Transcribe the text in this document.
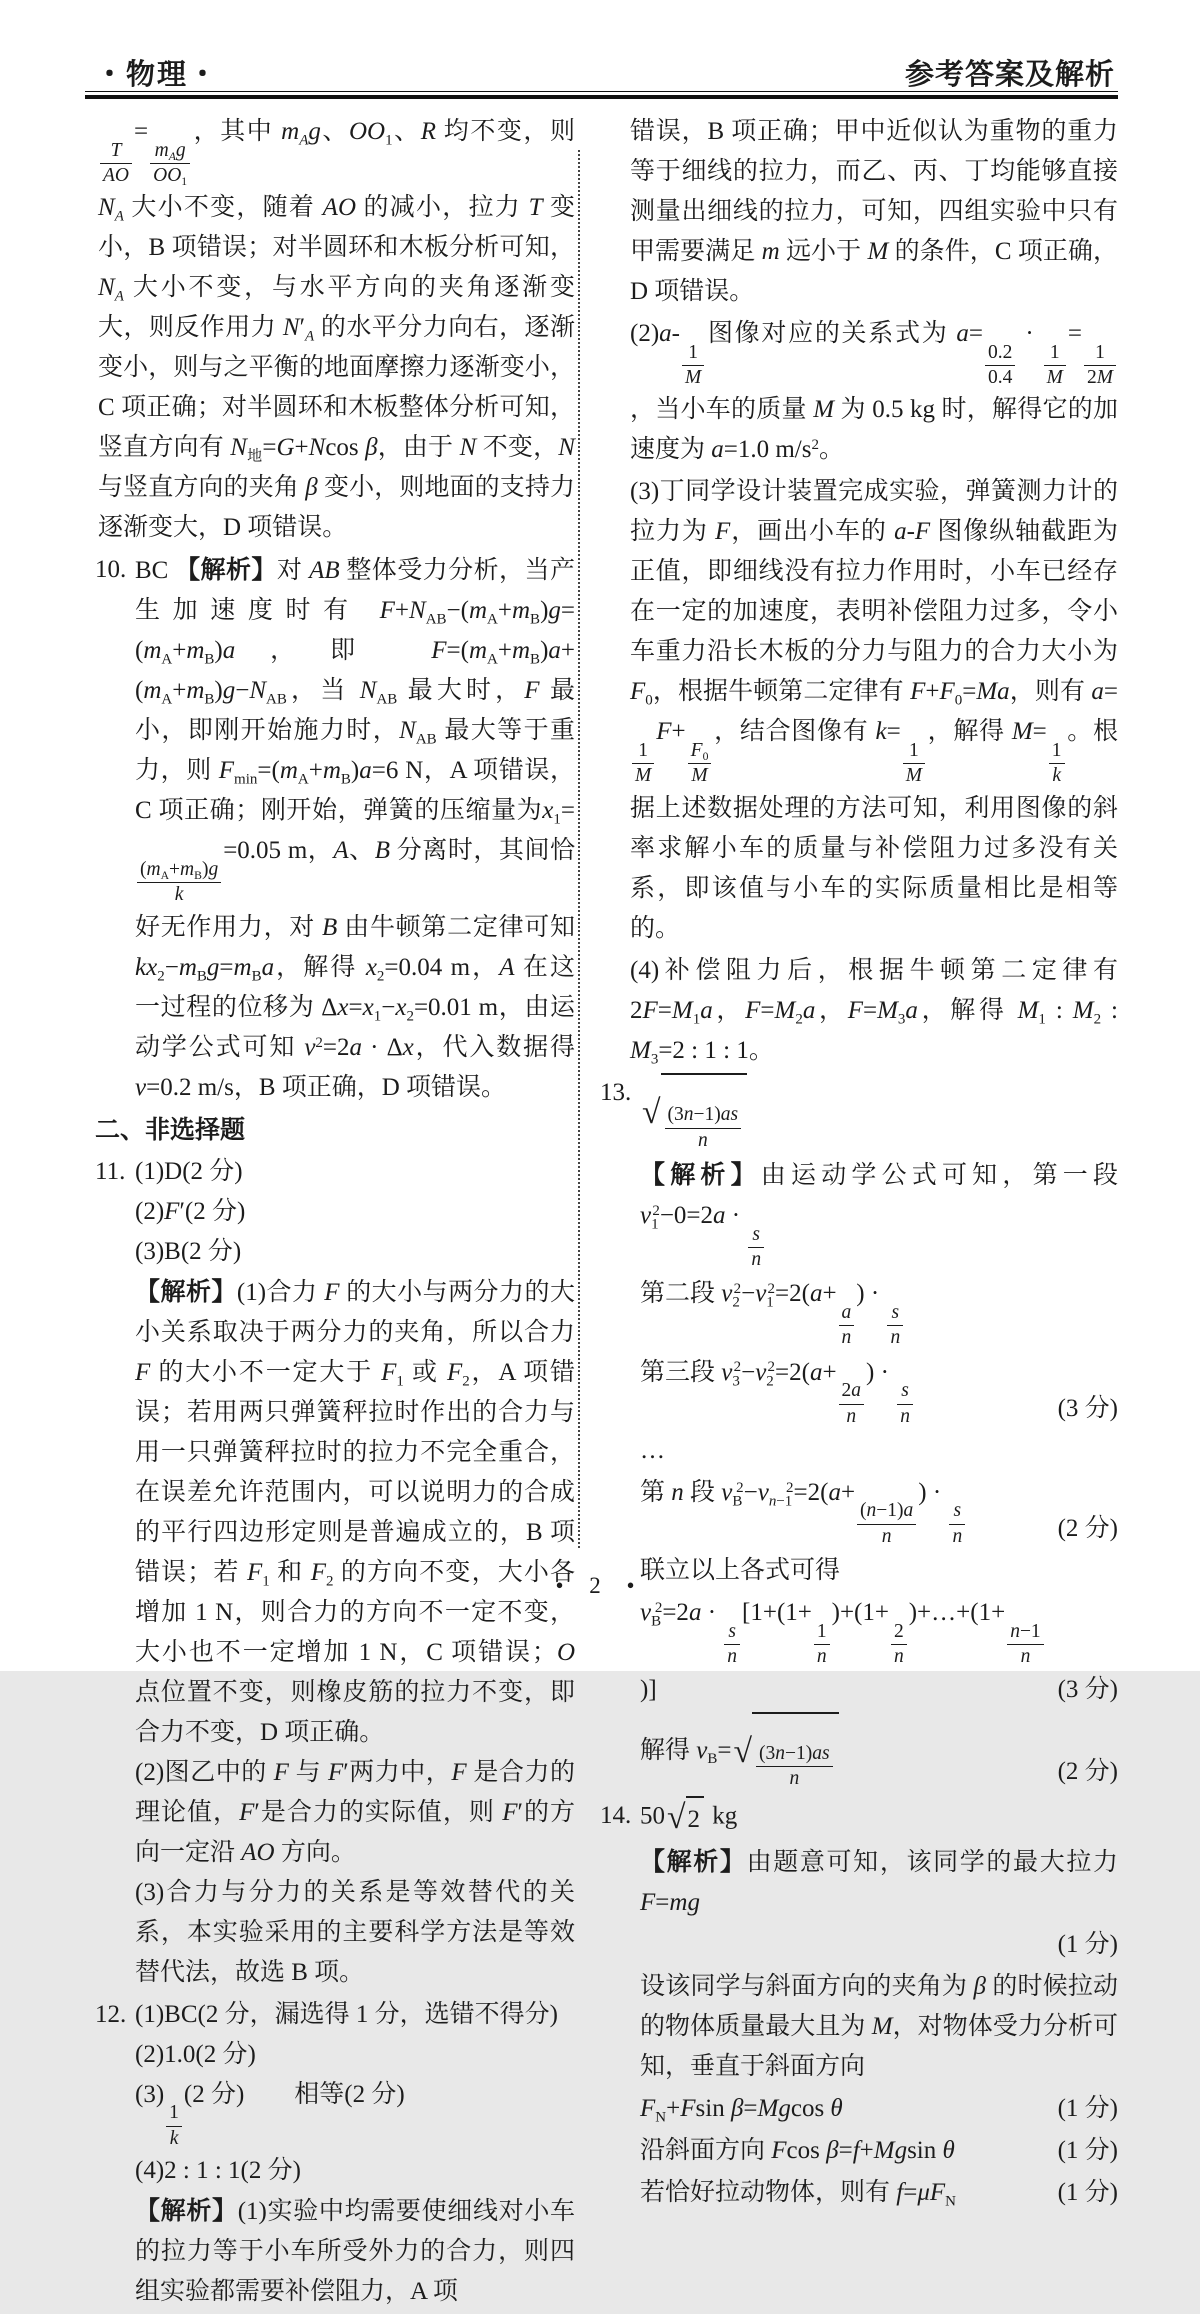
・物理・	参考答案及解析
$\frac{T}{AO}$
=
$\frac{m_Ag}{OO_1}$
，其中 $m_Ag$、$OO_1$、R 均不变，则 $N_A$ 大小不变，随着 AO 的减小，拉力 T 变小，B 项错误；对半圆环和木板分析可知，$N_A$ 大小不变，与水平方向的夹角逐渐变大，则反作用力 $N'_A$ 的水平分力向右，逐渐变小，则与之平衡的地面摩擦力逐渐变小，C 项正确；对半圆环和木板整体分析可知，竖直方向有 $N_地=G+Ncos$ β，由于 N 不变，N 与竖直方向的夹角 β 变小，则地面的支持力逐渐变大，D 项错误。
10. BC 【解析】对 AB 整体受力分析，当产生加速度时有 $F+N_{AB}-(m_A+m_B)g=(m_A+m_B)a$，即 $F=(m_A+m_B)a+(m_A+m_B)g-N_{AB}$，当 $N_{AB}$ 最大时，F 最小，即刚开始施力时，$N_{AB}$ 最大等于重力，则 $F_{min}=(m_A+m_B)a=6$ N，A 项错误，C 项正确；刚开始，弹簧的压缩量为$x_1=$
$\frac{(m_A+m_B)g}{k}$
=0.05 m，A、B 分离时，其间恰好无作用力，对 B 由牛顿第二定律可知 $kx_2-m_Bg=m_Ba$，解得 $x_2=0.04$ m，A 在这一过程的位移为 $\Delta x=x_1-x_2=0.01$ m，由运动学公式可知 $v^2=2a \cdot \Delta x$，代入数据得 v=0.2 m/s，B 项正确，D 项错误。
二、非选择题
11. (1)D(2 分)
(2)F′(2 分)
(3)B(2 分)
【解析】(1)合力 F 的大小与两分力的大小关系取决于两分力的夹角，所以合力 F 的大小不一定大于 $F_1$ 或 $F_2$，A 项错误；若用两只弹簧秤拉时作出的合力与用一只弹簧秤拉时的拉力不完全重合，在误差允许范围内，可以说明力的合成的平行四边形定则是普遍成立的，B 项错误；若 $F_1$ 和 $F_2$ 的方向不变，大小各增加 1 N，则合力的方向不一定不变，大小也不一定增加 1 N，C 项错误；O 点位置不变，则橡皮筋的拉力不变，即合力不变，D 项正确。
(2)图乙中的 F 与 F′两力中，F 是合力的理论值，F′是合力的实际值，则 F′的方向一定沿 AO 方向。
(3)合力与分力的关系是等效替代的关系，本实验采用的主要科学方法是等效替代法，故选 B 项。
12. (1)BC(2 分，漏选得 1 分，选错不得分)
(2)1.0(2 分)
(3)
$\frac{1}{k}$
(2 分)　　相等(2 分)
(4)2 : 1 : 1(2 分)
【解析】(1)实验中均需要使细线对小车的拉力等于小车所受外力的合力，则四组实验都需要补偿阻力，A 项
错误，B 项正确；甲中近似认为重物的重力等于细线的拉力，而乙、丙、丁均能够直接测量出细线的拉力，可知，四组实验中只有甲需要满足 m 远小于 M 的条件，C 项正确，D 项错误。
(2)a-
$\frac{1}{M}$
图像对应的关系式为 a=
$\frac{0.2}{0.4}$
·
$\frac{1}{M}$
=
$\frac{1}{2M}$
，当小车的质量 M 为 0.5 kg 时，解得它的加速度为 a=1.0 $m/s^2$。
(3)丁同学设计装置完成实验，弹簧测力计的拉力为 F，画出小车的 a-F 图像纵轴截距为正值，即细线没有拉力作用时，小车已经存在一定的加速度，表明补偿阻力过多，令小车重力沿长木板的分力与阻力的合力大小为 $F_0$，根据牛顿第二定律有 $F+F_0=Ma$，则有 a=
$\frac{1}{M}$
F+
$\frac{F_0}{M}$
，结合图像有 k=
$\frac{1}{M}$
，解得 M=
$\frac{1}{k}$
。根据上述数据处理的方法可知，利用图像的斜率求解小车的质量与补偿阻力过多没有关系，即该值与小车的实际质量相比是相等的。
(4)补偿阻力后，根据牛顿第二定律有 $2F=M_1a$，$F=M_2a$，$F=M_3a$，解得 $M_1$ : $M_2$ : $M_3=2$ : 1 : 1。
13.
√ $\frac{(3n-1)as}{n}$
【解析】由运动学公式可知，第一段 $v_1^2-0=2a$ ·
$\frac{s}{n}$
第二段 $v_2^2-v_1^2=2(a+$
$\frac{a}{n}$
) ·
$\frac{s}{n}$
第三段 $v_3^2-v_2^2=2(a+$
$\frac{2a}{n}$
) ·
$\frac{s}{n}$	(3 分)
…
第 n 段 $v_B^2-v_{n-1}^2=2(a+$
$\frac{(n-1)a}{n}$
) ·
$\frac{s}{n}$	(2 分)
联立以上各式可得
$v_B^2=2a$ ·
$\frac{s}{n}$
[1+(1+
$\frac{1}{n}$
)+(1+
$\frac{2}{n}$
)+…+(1+
$\frac{n-1}{n}$
)]	(3 分)
解得 $v_B=$ √ $\frac{(3n-1)as}{n}$	(2 分)
14. 50 √ 2 kg
【解析】由题意可知，该同学的最大拉力 F=mg
(1 分)
设该同学与斜面方向的夹角为 β 的时候拉动的物体质量最大且为 M，对物体受力分析可知，垂直于斜面方向
$F_N+Fsin$ β=Mgcos θ	(1 分)
沿斜面方向 Fcos β=f+Mgsin θ	(1 分)
若恰好拉动物体，则有 $f=\mu F_N$	(1 分)
• 2 •
